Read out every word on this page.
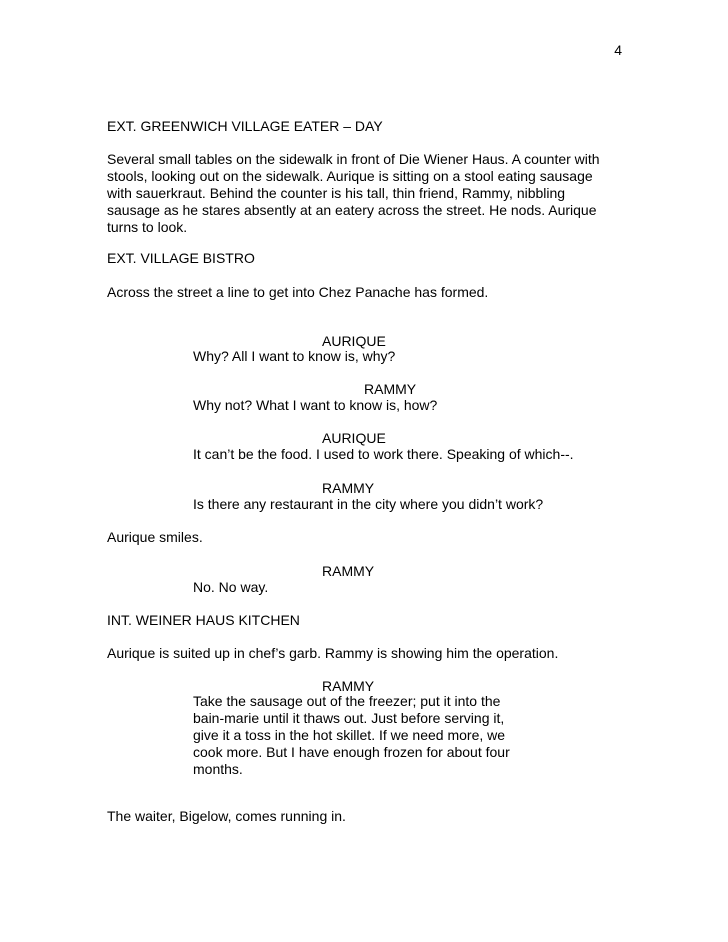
4
EXT. GREENWICH VILLAGE EATER – DAY
Several small tables on the sidewalk in front of Die Wiener Haus. A counter with
stools, looking out on the sidewalk. Aurique is sitting on a stool eating sausage
with sauerkraut. Behind the counter is his tall, thin friend, Rammy, nibbling
sausage as he stares absently at an eatery across the street. He nods. Aurique
turns to look.
EXT. VILLAGE BISTRO
Across the street a line to get into Chez Panache has formed.
AURIQUE
Why? All I want to know is, why?
RAMMY
Why not? What I want to know is, how?
AURIQUE
It can’t be the food. I used to work there. Speaking of which--.
RAMMY
Is there any restaurant in the city where you didn’t work?
Aurique smiles.
RAMMY
No. No way.
INT. WEINER HAUS KITCHEN
Aurique is suited up in chef’s garb. Rammy is showing him the operation.
RAMMY
Take the sausage out of the freezer; put it into the
bain-marie until it thaws out. Just before serving it,
give it a toss in the hot skillet. If we need more, we
cook more. But I have enough frozen for about four
months.
The waiter, Bigelow, comes running in.
